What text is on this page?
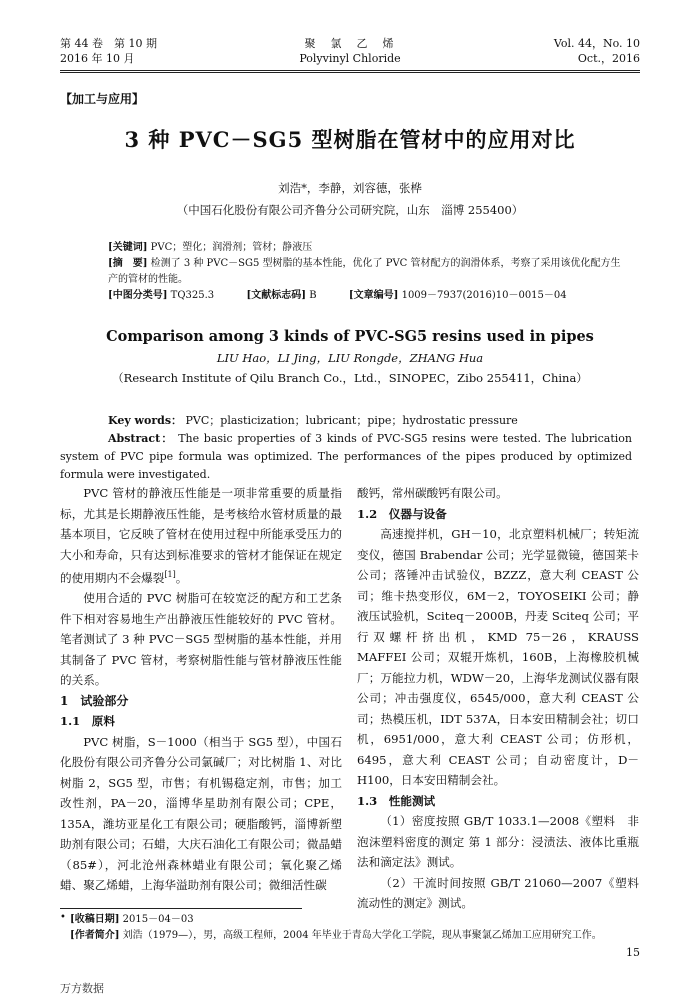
第 44 卷　第 10 期
2016 年 10 月
聚　氯　乙　烯
Polyvinyl Chloride
Vol. 44，No. 10
Oct.，2016
【加工与应用】
3 种 PVC－SG5 型树脂在管材中的应用对比
刘浩*，李静，刘容德，张桦
（中国石化股份有限公司齐鲁分公司研究院，山东　淄博 255400）
[关键词] PVC；塑化；润滑剂；管材；静液压
[摘　要] 检测了 3 种 PVC－SG5 型树脂的基本性能，优化了 PVC 管材配方的润滑体系，考察了采用该优化配方生产的管材的性能。
[中图分类号] TQ325.3	[文献标志码] B	[文章编号] 1009－7937(2016)10－0015－04
Comparison among 3 kinds of PVC-SG5 resins used in pipes
LIU Hao，LI Jing，LIU Rongde，ZHANG Hua
（Research Institute of Qilu Branch Co.，Ltd.，SINOPEC，Zibo 255411，China）
Key words： PVC；plasticization；lubricant；pipe；hydrostatic pressure
Abstract： The basic properties of 3 kinds of PVC-SG5 resins were tested. The lubrication system of PVC pipe formula was optimized. The performances of the pipes produced by optimized formula were investigated.

PVC 管材的静液压性能是一项非常重要的质量指标，尤其是长期静液压性能，是考核给水管材质量的最基本项目，它反映了管材在使用过程中所能承受压力的大小和寿命，只有达到标准要求的管材才能保证在规定的使用期内不会爆裂[1]。

使用合适的 PVC 树脂可在较宽泛的配方和工艺条件下相对容易地生产出静液压性能较好的 PVC 管材。笔者测试了 3 种 PVC－SG5 型树脂的基本性能，并用其制备了 PVC 管材，考察树脂性能与管材静液压性能的关系。

1　试验部分

1.1　原料

PVC 树脂，S－1000（相当于 SG5 型），中国石化股份有限公司齐鲁分公司氯碱厂；对比树脂 1、对比树脂 2，SG5 型，市售；有机锡稳定剂，市售；加工改性剂，PA－20，淄博华星助剂有限公司；CPE，135A，潍坊亚星化工有限公司；硬脂酸钙，淄博新塑助剂有限公司；石蜡，大庆石油化工有限公司；微晶蜡（85#），河北沧州森林蜡业有限公司；氧化聚乙烯蜡、聚乙烯蜡，上海华溢助剂有限公司；微细活性碳

酸钙，常州碳酸钙有限公司。

1.2　仪器与设备

高速搅拌机，GH－10，北京塑料机械厂；转矩流变仪，德国 Brabendar 公司；光学显微镜，德国莱卡公司；落锤冲击试验仪，BZZZ，意大利 CEAST 公司；维卡热变形仪，6M－2，TOYOSEIKI 公司；静液压试验机，Sciteq－2000B，丹麦 Sciteq 公司；平行双螺杆挤出机，KMD 75－26，KRAUSS MAFFEI 公司；双辊开炼机，160B，上海橡胶机械厂；万能拉力机，WDW－20，上海华龙测试仪器有限公司；冲击强度仪，6545/000，意大利 CEAST 公司；热模压机，IDT 537A，日本安田精制会社；切口机，6951/000，意大利 CEAST 公司；仿形机，6495，意大利 CEAST 公司；自动密度计，D－H100，日本安田精制会社。

1.3　性能测试

（1）密度按照 GB/T 1033.1—2008《塑料　非泡沫塑料密度的测定 第 1 部分：浸渍法、液体比重瓶法和滴定法》测试。

（2）干流时间按照 GB/T 21060—2007《塑料　流动性的测定》测试。

• [收稿日期] 2015－04－03
[作者简介] 刘浩（1979—），男，高级工程师，2004 年毕业于青岛大学化工学院，现从事聚氯乙烯加工应用研究工作。
15
万方数据
